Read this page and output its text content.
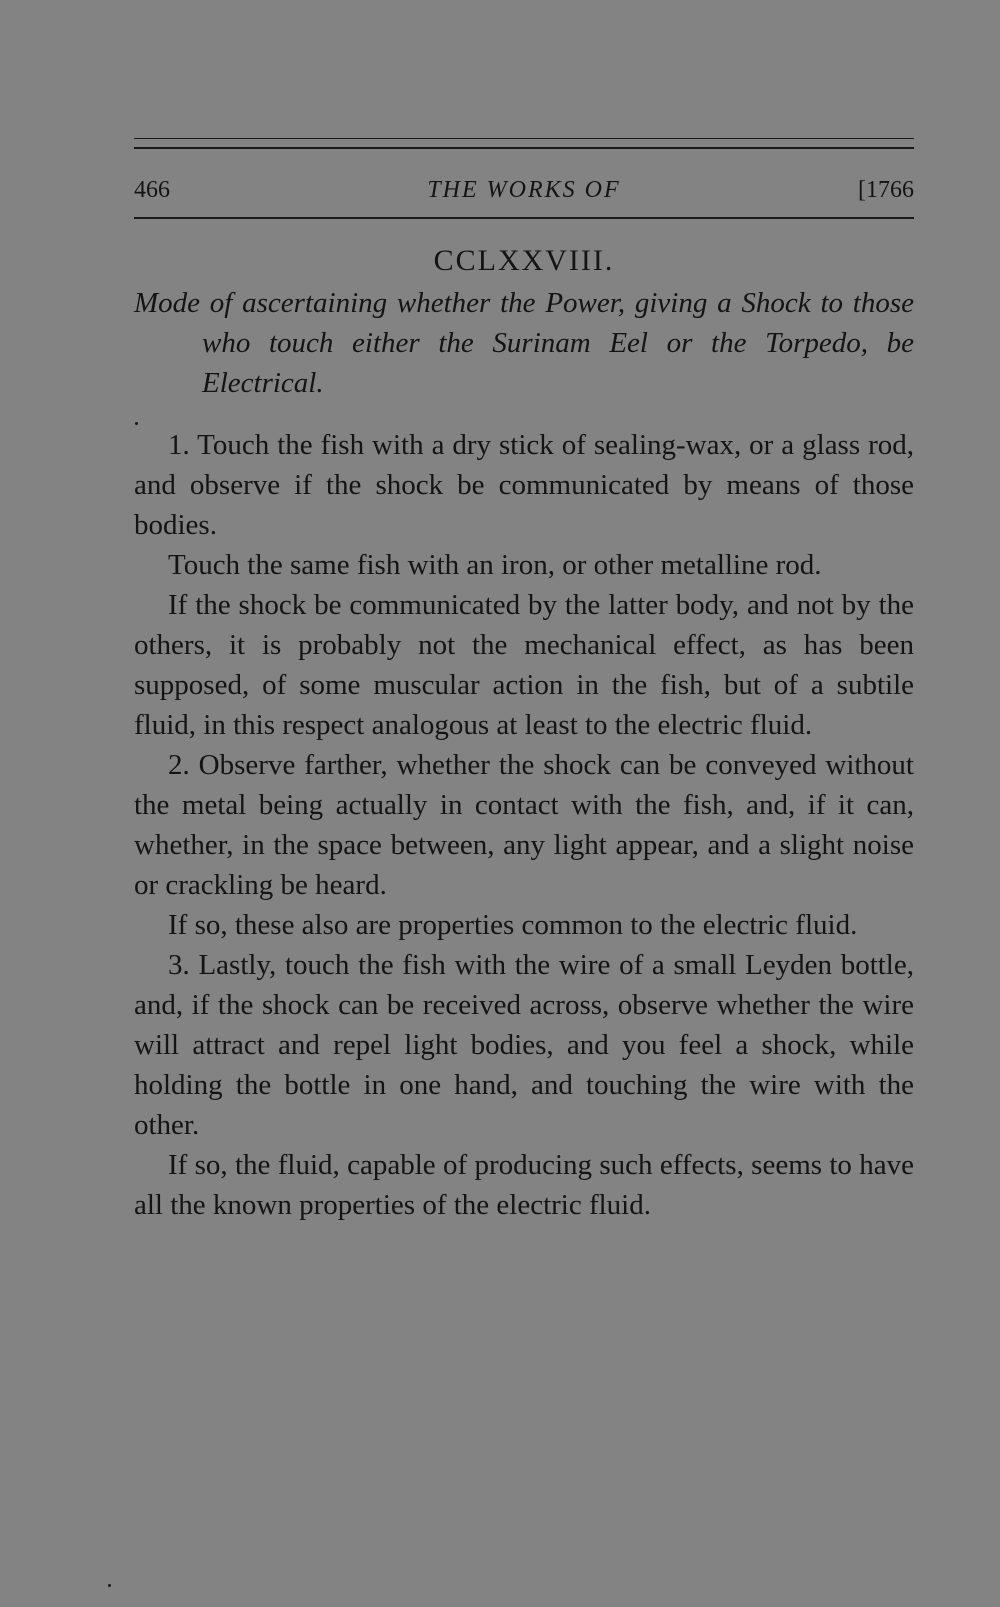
466	THE WORKS OF	[1766
CCLXXVIII.
Mode of ascertaining whether the Power, giving a Shock to those who touch either the Surinam Eel or the Torpedo, be Electrical.

1. Touch the fish with a dry stick of sealing-wax, or a glass rod, and observe if the shock be communicated by means of those bodies.

Touch the same fish with an iron, or other metalline rod.

If the shock be communicated by the latter body, and not by the others, it is probably not the mechanical effect, as has been supposed, of some muscular action in the fish, but of a subtile fluid, in this respect analogous at least to the electric fluid.

2. Observe farther, whether the shock can be conveyed without the metal being actually in contact with the fish, and, if it can, whether, in the space between, any light appear, and a slight noise or crackling be heard.

If so, these also are properties common to the electric fluid.

3. Lastly, touch the fish with the wire of a small Leyden bottle, and, if the shock can be received across, observe whether the wire will attract and repel light bodies, and you feel a shock, while holding the bottle in one hand, and touching the wire with the other.

If so, the fluid, capable of producing such effects, seems to have all the known properties of the electric fluid.
